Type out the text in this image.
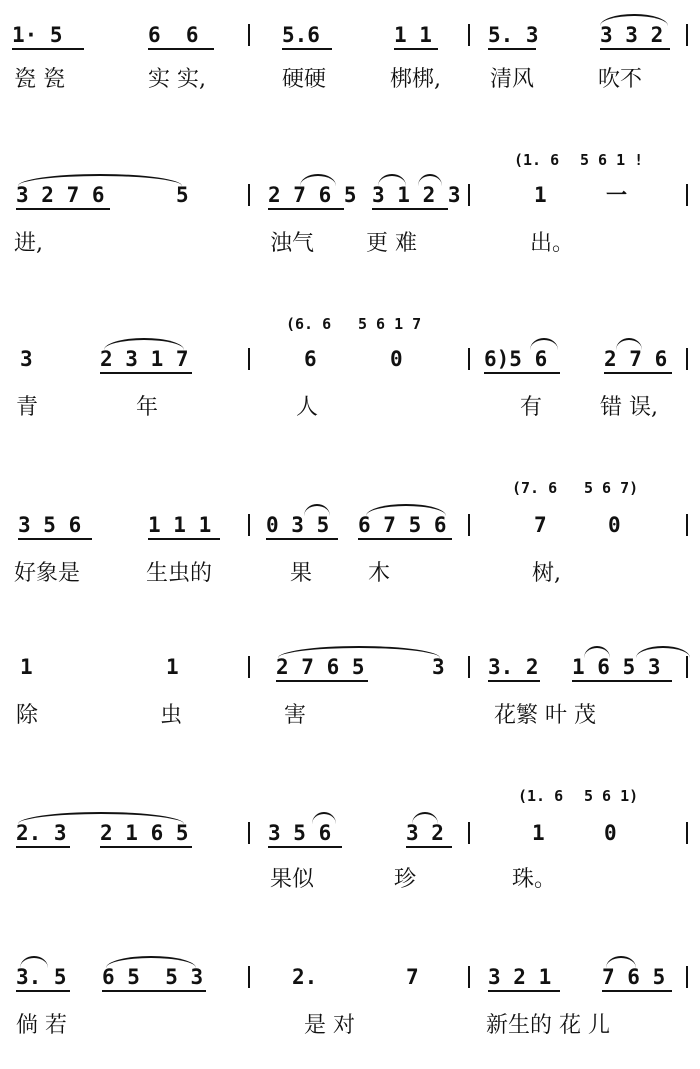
1· 5	6  6	5.6	1 1	5. 3	3 3 2
瓷 瓷	实 实,	硬硬	梆梆, 清风	吹不
3 2 7 6	5	2 7 6 5 3 1 2 3	1	一
(1. 6 5 6 1 !
进,	浊气 更 难	出。
3	2 3 1 7	6	0	6)5 6	2 7 6
(6. 6 5 6 1 7
青	年	人	有	错 误,
3 5 6	1 1 1	0 3 5 6 7 5 6	7	0
(7. 6 5 6 7)
好象是	生虫的	果	木	树,
1	1	2 7 6 5	3 3. 2 1 6 5 3
除	虫	害	花繁 叶 茂
2. 3 2 1 6 5	3 5 6	3 2	1	0
(1. 6 5 6 1)
果似	珍	珠。
3. 5 6 5  5 3	2.	7	3 2 1 7 6 5
倘 若	是 对	新生的 花 儿
